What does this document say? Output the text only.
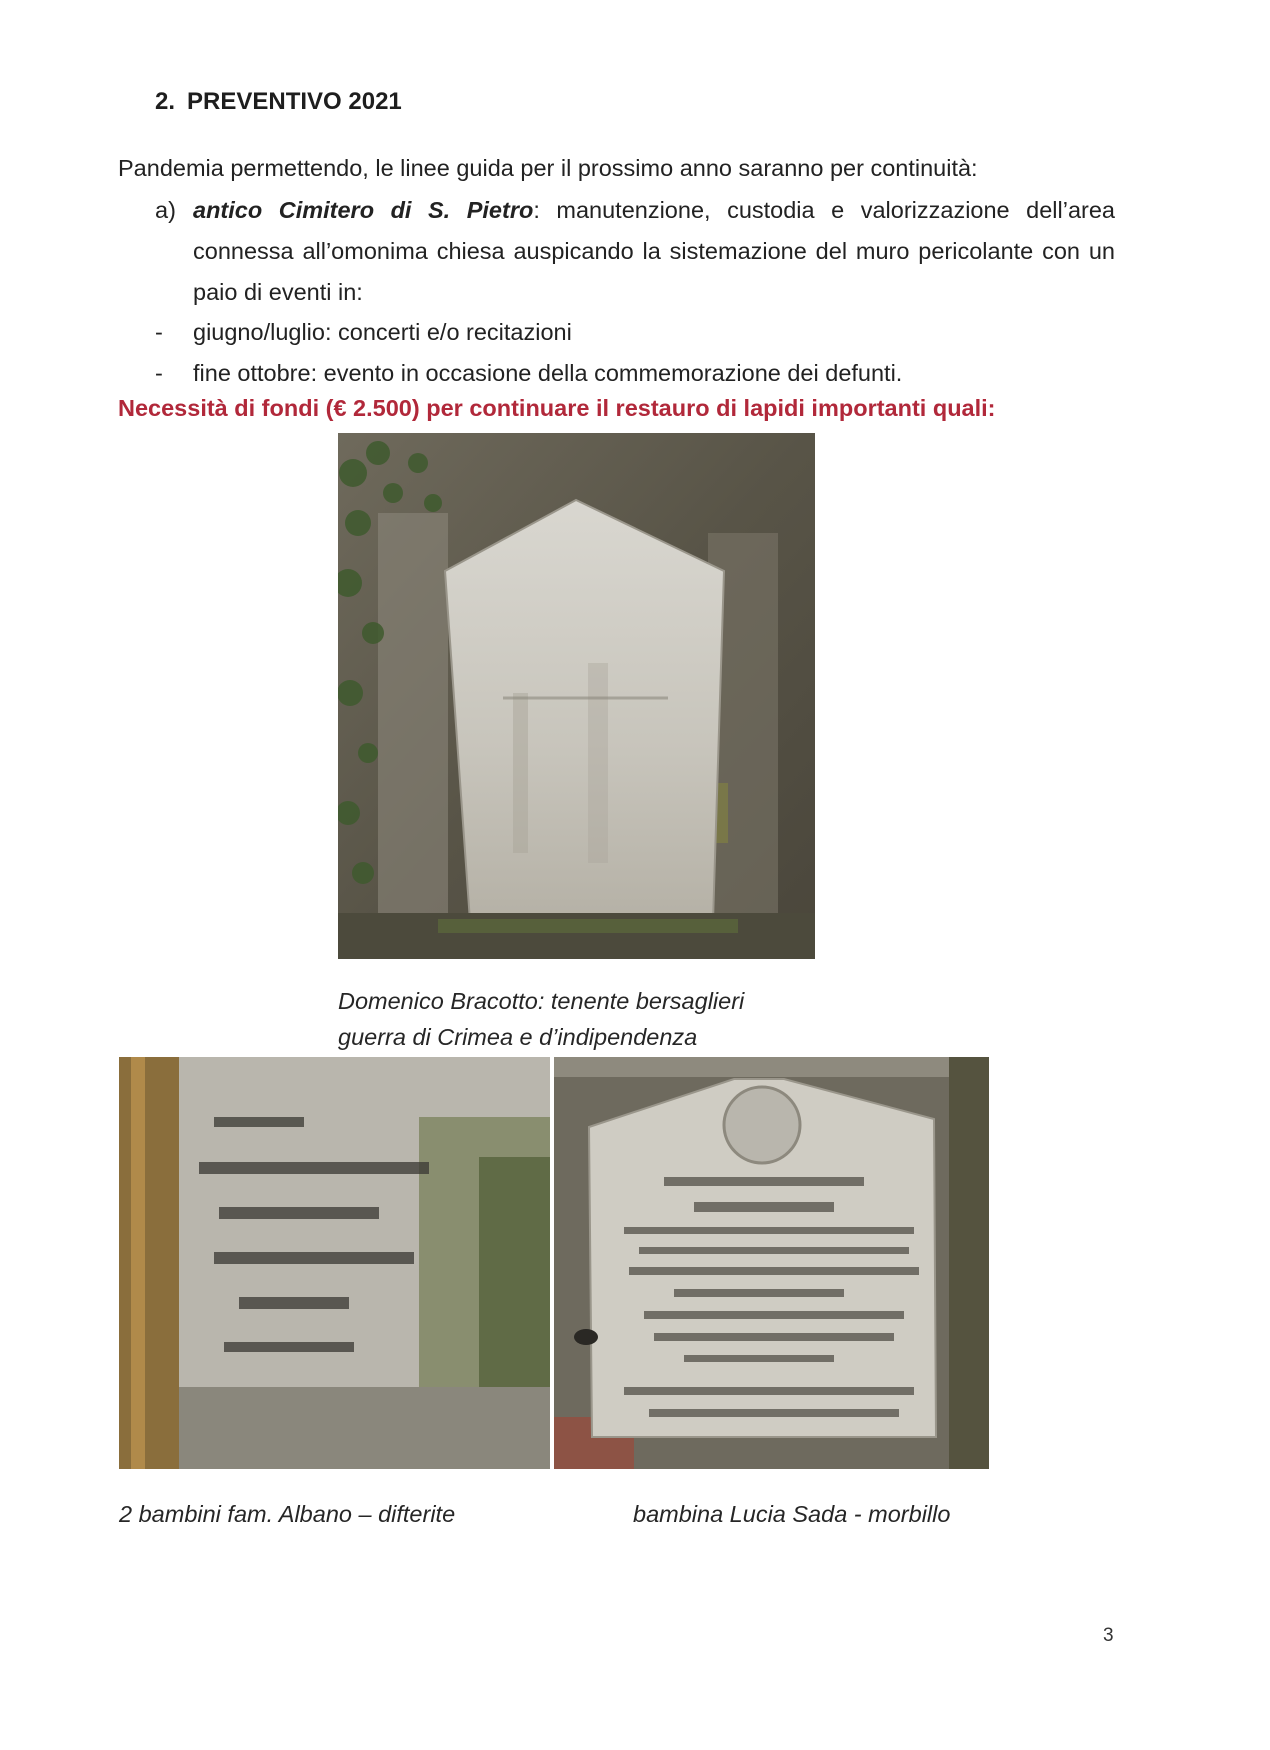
2. PREVENTIVO 2021
Pandemia permettendo, le linee guida per il prossimo anno saranno per continuità:
a) antico Cimitero di S. Pietro: manutenzione, custodia e valorizzazione dell’area connessa all’omonima chiesa auspicando la sistemazione del muro pericolante con un paio di eventi in:
- giugno/luglio: concerti e/o recitazioni
- fine ottobre: evento in occasione della commemorazione dei defunti.
Necessità di fondi (€ 2.500) per continuare il restauro di lapidi importanti quali:
Domenico Bracotto: tenente bersaglieri
guerra di Crimea e d’indipendenza
2 bambini fam. Albano – difterite	bambina Lucia Sada - morbillo
3
